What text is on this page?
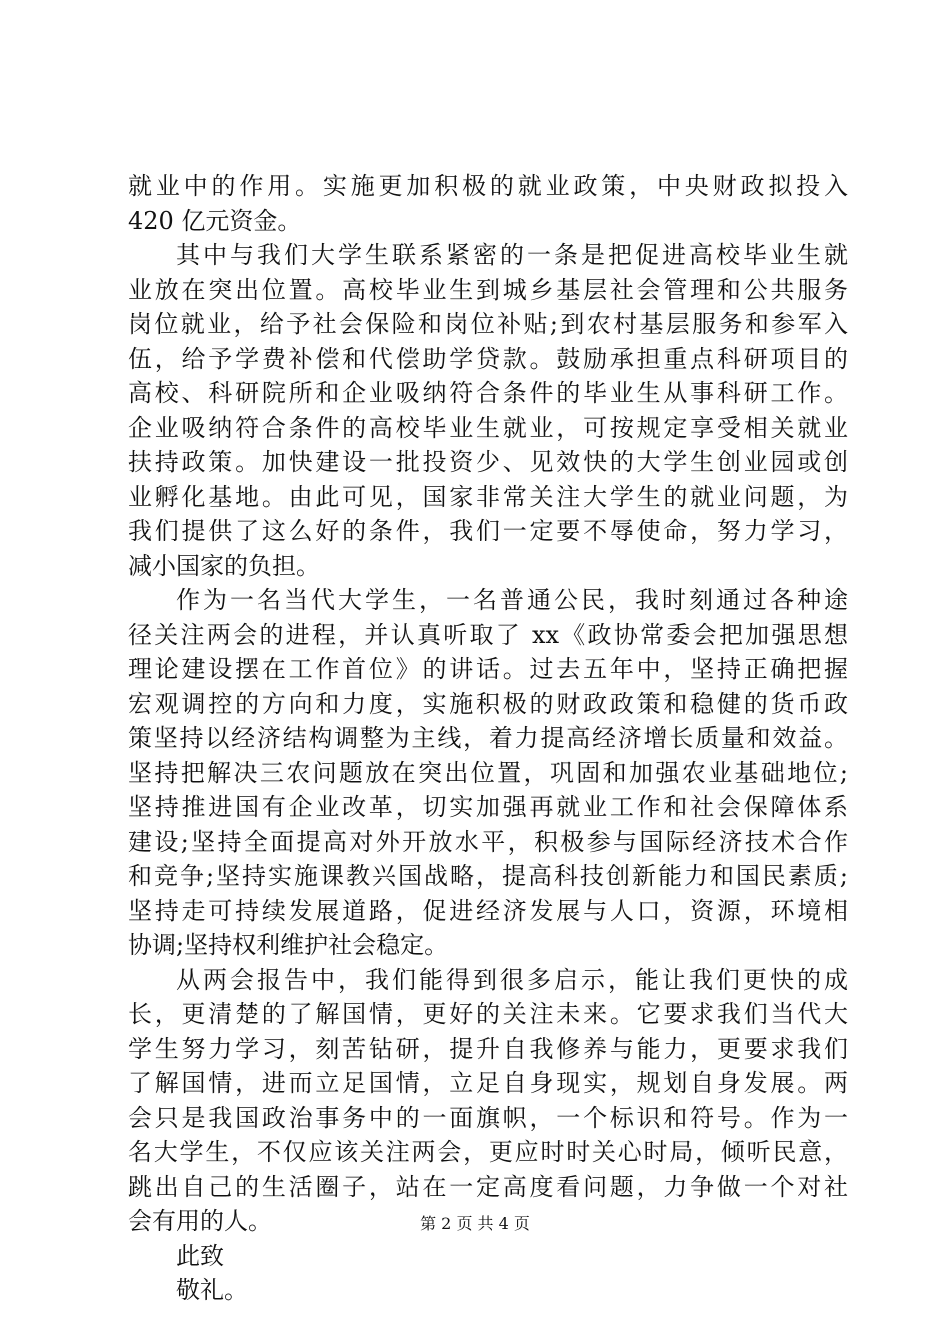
就业中的作用。实施更加积极的就业政策，中央财政拟投入
420 亿元资金。
其中与我们大学生联系紧密的一条是把促进高校毕业生就
业放在突出位置。高校毕业生到城乡基层社会管理和公共服务
岗位就业，给予社会保险和岗位补贴;到农村基层服务和参军入
伍，给予学费补偿和代偿助学贷款。鼓励承担重点科研项目的
高校、科研院所和企业吸纳符合条件的毕业生从事科研工作。
企业吸纳符合条件的高校毕业生就业，可按规定享受相关就业
扶持政策。加快建设一批投资少、见效快的大学生创业园或创
业孵化基地。由此可见，国家非常关注大学生的就业问题，为
我们提供了这么好的条件，我们一定要不辱使命，努力学习，
减小国家的负担。
作为一名当代大学生，一名普通公民，我时刻通过各种途
径关注两会的进程，并认真听取了 xx《政协常委会把加强思想
理论建设摆在工作首位》的讲话。过去五年中，坚持正确把握
宏观调控的方向和力度，实施积极的财政政策和稳健的货币政
策坚持以经济结构调整为主线，着力提高经济增长质量和效益。
坚持把解决三农问题放在突出位置，巩固和加强农业基础地位;
坚持推进国有企业改革，切实加强再就业工作和社会保障体系
建设;坚持全面提高对外开放水平，积极参与国际经济技术合作
和竞争;坚持实施课教兴国战略，提高科技创新能力和国民素质;
坚持走可持续发展道路，促进经济发展与人口，资源，环境相
协调;坚持权利维护社会稳定。
从两会报告中，我们能得到很多启示，能让我们更快的成
长，更清楚的了解国情，更好的关注未来。它要求我们当代大
学生努力学习，刻苦钻研，提升自我修养与能力，更要求我们
了解国情，进而立足国情，立足自身现实，规划自身发展。两
会只是我国政治事务中的一面旗帜，一个标识和符号。作为一
名大学生，不仅应该关注两会，更应时时关心时局，倾听民意，
跳出自己的生活圈子，站在一定高度看问题，力争做一个对社
会有用的人。
此致
敬礼。
第 2 页 共 4 页
